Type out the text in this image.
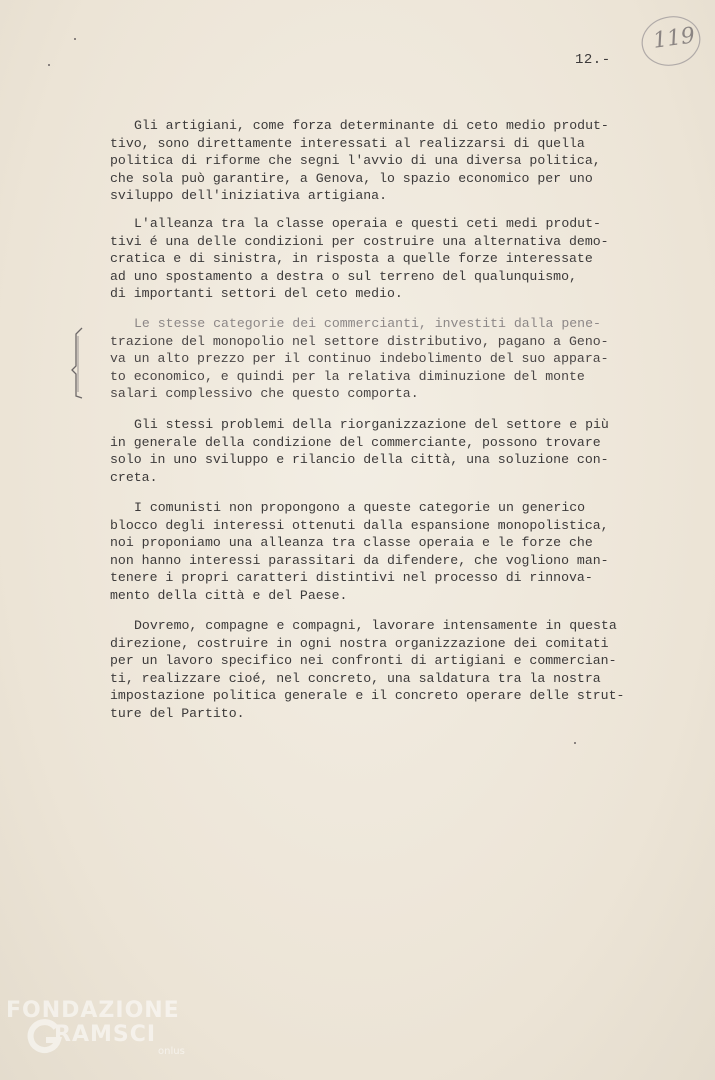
119
12.-
Gli artigiani, come forza determinante di ceto medio produt-
tivo, sono direttamente interessati al realizzarsi di quella
politica di riforme che segni l'avvio di una diversa politica,
che sola può garantire, a Genova, lo spazio economico per uno
sviluppo dell'iniziativa artigiana.
L'alleanza tra la classe operaia e questi ceti medi produt-
tivi é una delle condizioni per costruire una alternativa demo-
cratica e di sinistra, in risposta a quelle forze interessate
ad uno spostamento a destra o sul terreno del qualunquismo,
di importanti settori del ceto medio.
Le stesse categorie dei commercianti, investiti dalla pene-
trazione del monopolio nel settore distributivo, pagano a Geno-
va un alto prezzo per il continuo indebolimento del suo appara-
to economico, e quindi per la relativa diminuzione del monte
salari complessivo che questo comporta.
Gli stessi problemi della riorganizzazione del settore e più
in generale della condizione del commerciante, possono trovare
solo in uno sviluppo e rilancio della città, una soluzione con-
creta.
I comunisti non propongono a queste categorie un generico
blocco degli interessi ottenuti dalla espansione monopolistica,
noi proponiamo una alleanza tra classe operaia e le forze che
non hanno interessi parassitari da difendere, che vogliono man-
tenere i propri caratteri distintivi nel processo di rinnova-
mento della città e del Paese.
Dovremo, compagne e compagni, lavorare intensamente in questa
direzione, costruire in ogni nostra organizzazione dei comitati
per un lavoro specifico nei confronti di artigiani e commercian-
ti, realizzare cioé, nel concreto, una saldatura tra la nostra
impostazione politica generale e il concreto operare delle strut-
ture del Partito.
FONDAZIONE
RAMSCI
onlus
